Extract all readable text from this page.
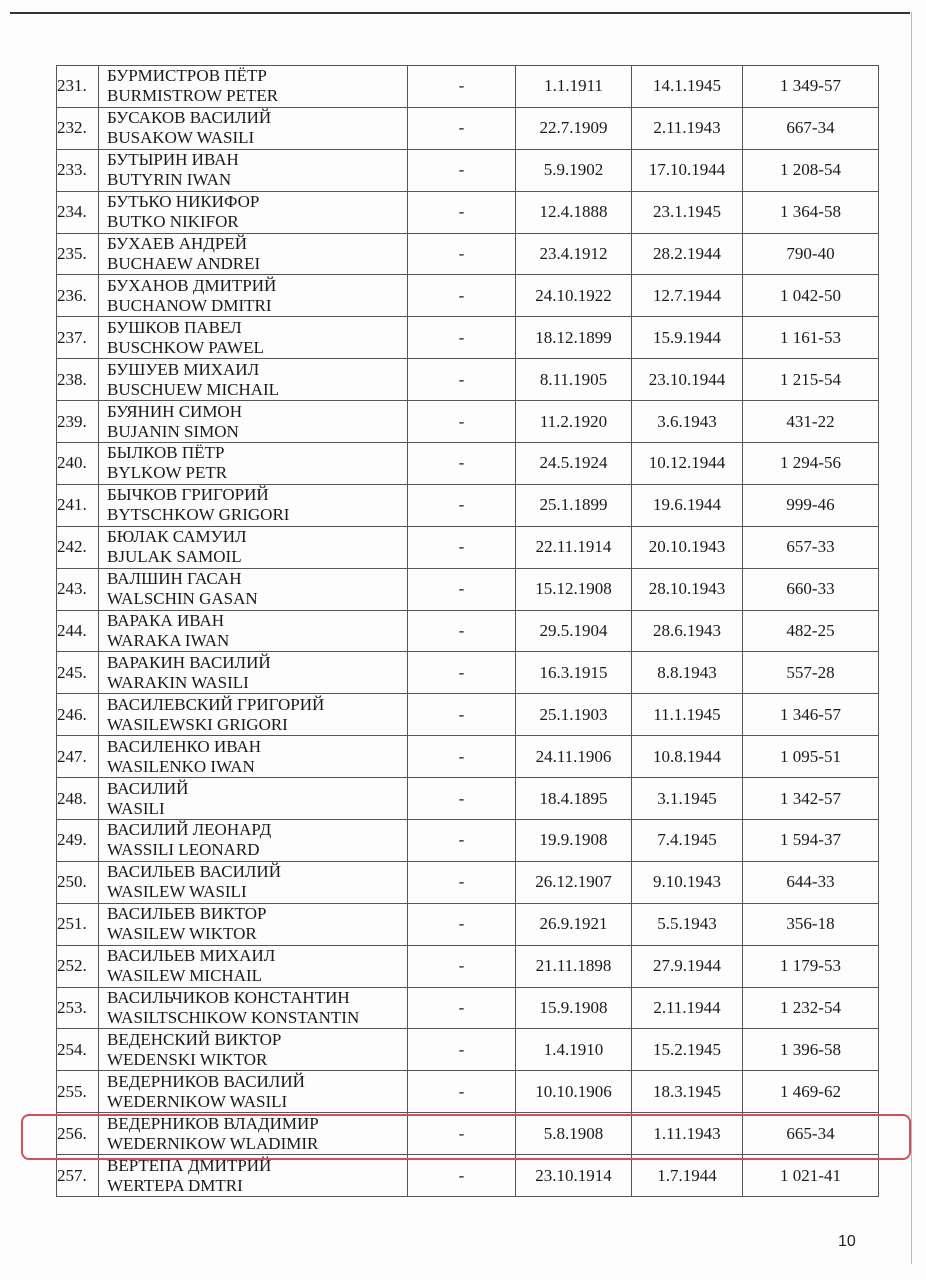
231.	БУРМИСТРОВ ПЁТР
BURMISTROW PETER	-	1.1.1911	14.1.1945	1 349-57
232.	БУСАКОВ ВАСИЛИЙ
BUSAKOW WASILI	-	22.7.1909	2.11.1943	667-34
233.	БУТЫРИН ИВАН
BUTYRIN IWAN	-	5.9.1902	17.10.1944	1 208-54
234.	БУТЬКО НИКИФОР
BUTKO NIKIFOR	-	12.4.1888	23.1.1945	1 364-58
235.	БУХАЕВ АНДРЕЙ
BUCHAEW ANDREI	-	23.4.1912	28.2.1944	790-40
236.	БУХАНОВ ДМИТРИЙ
BUCHANOW DMITRI	-	24.10.1922	12.7.1944	1 042-50
237.	БУШКОВ ПАВЕЛ
BUSCHKOW PAWEL	-	18.12.1899	15.9.1944	1 161-53
238.	БУШУЕВ МИХАИЛ
BUSCHUEW MICHAIL	-	8.11.1905	23.10.1944	1 215-54
239.	БУЯНИН СИМОН
BUJANIN SIMON	-	11.2.1920	3.6.1943	431-22
240.	БЫЛКОВ ПЁТР
BYLKOW PETR	-	24.5.1924	10.12.1944	1 294-56
241.	БЫЧКОВ ГРИГОРИЙ
BYTSCHKOW GRIGORI	-	25.1.1899	19.6.1944	999-46
242.	БЮЛАК САМУИЛ
BJULAK SAMOIL	-	22.11.1914	20.10.1943	657-33
243.	ВАЛШИН ГАСАН
WALSCHIN GASAN	-	15.12.1908	28.10.1943	660-33
244.	ВАРАКА ИВАН
WARAKA IWAN	-	29.5.1904	28.6.1943	482-25
245.	ВАРАКИН ВАСИЛИЙ
WARAKIN WASILI	-	16.3.1915	8.8.1943	557-28
246.	ВАСИЛЕВСКИЙ ГРИГОРИЙ
WASILEWSKI GRIGORI	-	25.1.1903	11.1.1945	1 346-57
247.	ВАСИЛЕНКО ИВАН
WASILENKO IWAN	-	24.11.1906	10.8.1944	1 095-51
248.	ВАСИЛИЙ
WASILI	-	18.4.1895	3.1.1945	1 342-57
249.	ВАСИЛИЙ ЛЕОНАРД
WASSILI LEONARD	-	19.9.1908	7.4.1945	1 594-37
250.	ВАСИЛЬЕВ ВАСИЛИЙ
WASILEW WASILI	-	26.12.1907	9.10.1943	644-33
251.	ВАСИЛЬЕВ ВИКТОР
WASILEW WIKTOR	-	26.9.1921	5.5.1943	356-18
252.	ВАСИЛЬЕВ МИХАИЛ
WASILEW MICHAIL	-	21.11.1898	27.9.1944	1 179-53
253.	ВАСИЛЬЧИКОВ КОНСТАНТИН
WASILTSCHIKOW KONSTANTIN	-	15.9.1908	2.11.1944	1 232-54
254.	ВЕДЕНСКИЙ ВИКТОР
WEDENSKI WIKTOR	-	1.4.1910	15.2.1945	1 396-58
255.	ВЕДЕРНИКОВ ВАСИЛИЙ
WEDERNIKOW WASILI	-	10.10.1906	18.3.1945	1 469-62
256.	ВЕДЕРНИКОВ ВЛАДИМИР
WEDERNIKOW WLADIMIR	-	5.8.1908	1.11.1943	665-34
257.	ВЕРТЕПА ДМИТРИЙ
WERTEPA DMTRI	-	23.10.1914	1.7.1944	1 021-41
10
